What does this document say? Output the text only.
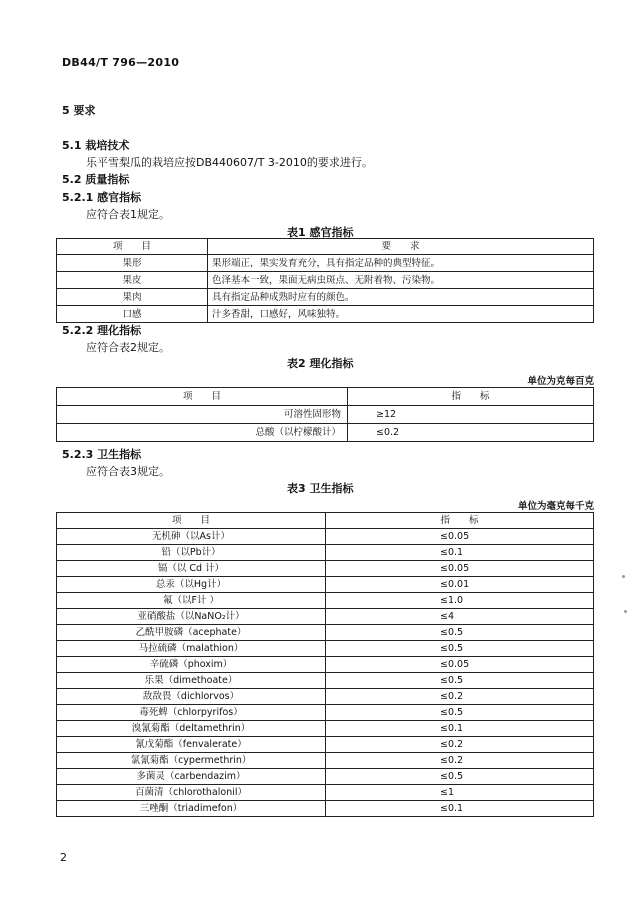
DB44/T 796—2010
5 要求
5.1 栽培技术
乐平雪梨瓜的栽培应按DB440607/T 3-2010的要求进行。
5.2 质量指标
5.2.1 感官指标
应符合表1规定。
表1 感官指标
项　　目	要　　求
果形	果形端正，果实发育充分，具有指定品种的典型特征。
果皮	色泽基本一致，果面无病虫斑点、无附着物、污染物。
果肉	具有指定品种成熟时应有的颜色。
口感	汁多香甜，口感好，风味独特。
5.2.2 理化指标
应符合表2规定。
表2 理化指标
单位为克每百克
项　　目	指　　标
可溶性固形物	≥12
总酸（以柠檬酸计）	≤0.2
5.2.3 卫生指标
应符合表3规定。
表3 卫生指标
单位为毫克每千克
项　　目	指　　标
无机砷（以As计）	≤0.05
铅（以Pb计）	≤0.1
镉（以 Cd 计）	≤0.05
总汞（以Hg计）	≤0.01
氟（以F计 ）	≤1.0
亚硝酸盐（以NaNO₂计）	≤4
乙酰甲胺磷（acephate）	≤0.5
马拉硫磷（malathion）	≤0.5
辛硫磷（phoxim）	≤0.05
乐果（dimethoate）	≤0.5
敌敌畏（dichlorvos）	≤0.2
毒死蜱（chlorpyrifos）	≤0.5
溴氰菊酯（deltamethrin）	≤0.1
氰戊菊酯（fenvalerate）	≤0.2
氯氰菊酯（cypermethrin）	≤0.2
多菌灵（carbendazim）	≤0.5
百菌清（chlorothalonil）	≤1
三唑酮（triadimefon）	≤0.1
2
